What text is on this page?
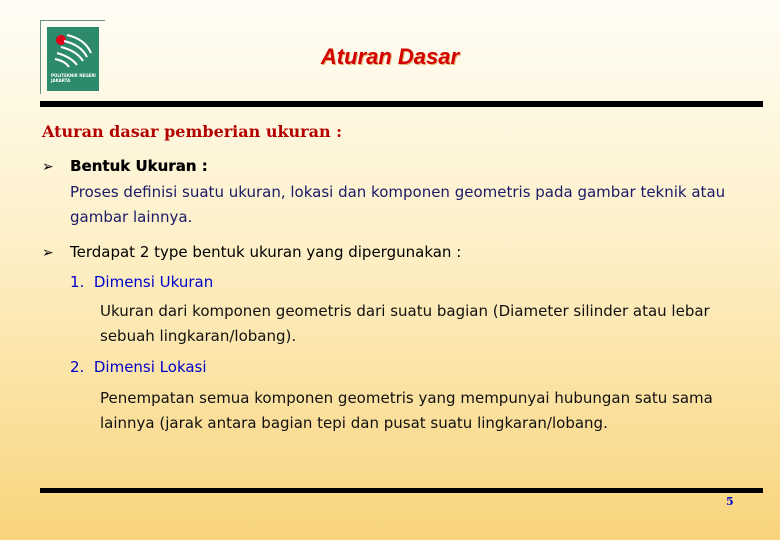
POLITEKNIK NEGERI JAKARTA
Aturan Dasar
Aturan dasar pemberian ukuran :
➢ Bentuk Ukuran :
Proses definisi suatu ukuran, lokasi dan komponen geometris pada gambar teknik atau gambar lainnya.
➢ Terdapat 2 type bentuk ukuran yang dipergunakan :
1. Dimensi Ukuran
Ukuran dari komponen geometris dari suatu bagian (Diameter silinder atau lebar sebuah lingkaran/lobang).
2. Dimensi Lokasi
Penempatan semua komponen geometris yang mempunyai hubungan satu sama lainnya (jarak antara bagian tepi dan pusat suatu lingkaran/lobang.
5
